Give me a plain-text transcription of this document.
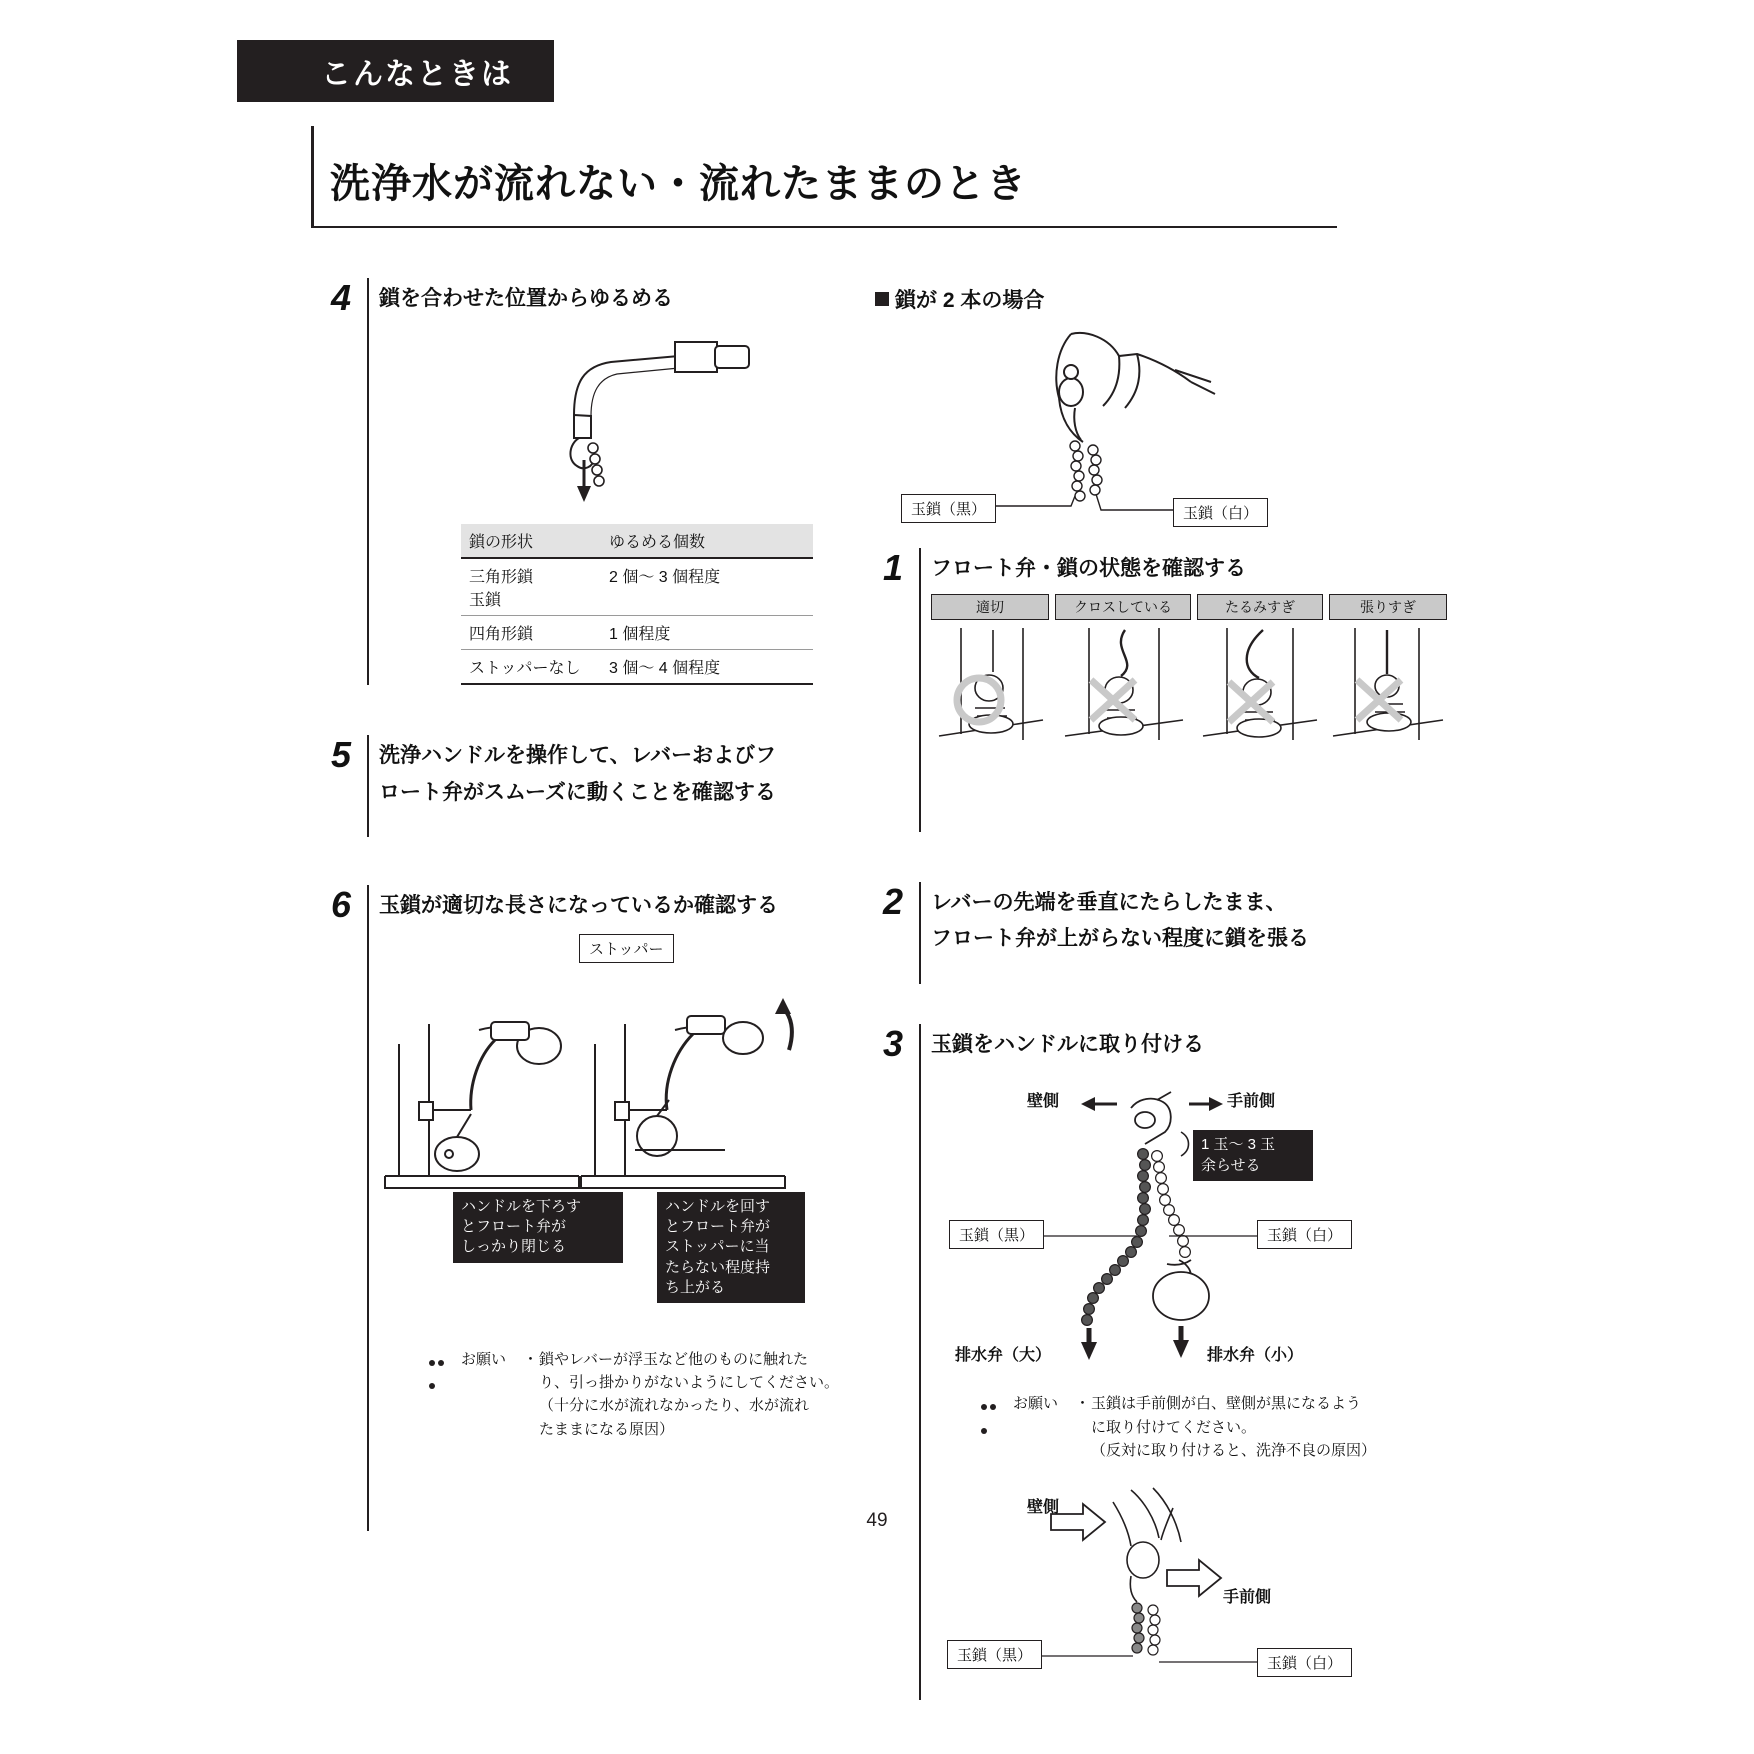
こんなときは
洗浄水が流れない・流れたままのとき
4	鎖を合わせた位置からゆるめる
鎖の形状	ゆるめる個数

三角形鎖
玉鎖	2 個〜 3 個程度
四角形鎖	1 個程度
ストッパーなし	3 個〜 4 個程度
5	洗浄ハンドルを操作して、レバーおよびフ
ロート弁がスムーズに動くことを確認する
6	玉鎖が適切な長さになっているか確認する
ストッパー
ハンドルを下ろす
とフロート弁が
しっかり閉じる
ハンドルを回す
とフロート弁が
ストッパーに当
たらない程度持
ち上がる
お願い	・ 鎖やレバーが浮玉など他のものに触れた
り、引っ掛かりがないようにしてください。
（十分に水が流れなかったり、水が流れ
たままになる原因）
鎖が 2 本の場合
玉鎖（黒）	玉鎖（白）
1	フロート弁・鎖の状態を確認する
適切	クロスしている	たるみすぎ	張りすぎ
2	レバーの先端を垂直にたらしたまま、
フロート弁が上がらない程度に鎖を張る
3	玉鎖をハンドルに取り付ける
壁側	手前側
1 玉〜 3 玉
余らせる
玉鎖（黒）	玉鎖（白）
排水弁（大）	排水弁（小）
お願い	・ 玉鎖は手前側が白、壁側が黒になるよう
に取り付けてください。
（反対に取り付けると、洗浄不良の原因）
壁側
手前側
玉鎖（黒）	玉鎖（白）
49
